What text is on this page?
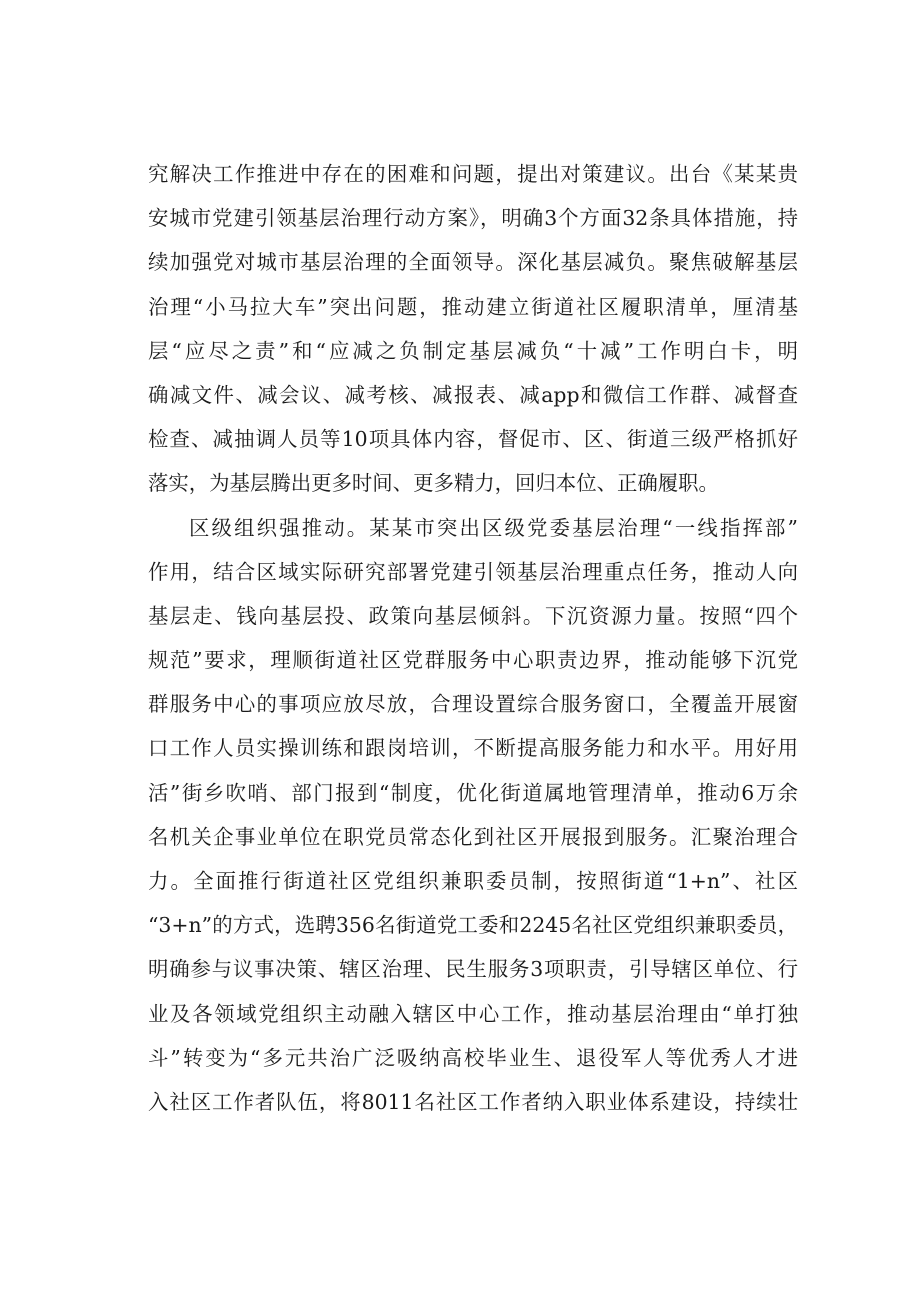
究解决工作推进中存在的困难和问题，提出对策建议。出台《某某贵
安城市党建引领基层治理行动方案》，明确3个方面32条具体措施，持
续加强党对城市基层治理的全面领导。深化基层减负。聚焦破解基层
治理“小马拉大车”突出问题，推动建立街道社区履职清单，厘清基
层“应尽之责”和“应减之负制定基层减负“十减”工作明白卡，明
确减文件、减会议、减考核、减报表、减app和微信工作群、减督查
检查、减抽调人员等10项具体内容，督促市、区、街道三级严格抓好
落实，为基层腾出更多时间、更多精力，回归本位、正确履职。
区级组织强推动。某某市突出区级党委基层治理“一线指挥部”
作用，结合区域实际研究部署党建引领基层治理重点任务，推动人向
基层走、钱向基层投、政策向基层倾斜。下沉资源力量。按照“四个
规范”要求，理顺街道社区党群服务中心职责边界，推动能够下沉党
群服务中心的事项应放尽放，合理设置综合服务窗口，全覆盖开展窗
口工作人员实操训练和跟岗培训，不断提高服务能力和水平。用好用
活”街乡吹哨、部门报到“制度，优化街道属地管理清单，推动6万余
名机关企事业单位在职党员常态化到社区开展报到服务。汇聚治理合
力。全面推行街道社区党组织兼职委员制，按照街道“1+n”、社区
“3+n”的方式，选聘356名街道党工委和2245名社区党组织兼职委员，
明确参与议事决策、辖区治理、民生服务3项职责，引导辖区单位、行
业及各领域党组织主动融入辖区中心工作，推动基层治理由“单打独
斗”转变为“多元共治广泛吸纳高校毕业生、退役军人等优秀人才进
入社区工作者队伍，将8011名社区工作者纳入职业体系建设，持续壮
